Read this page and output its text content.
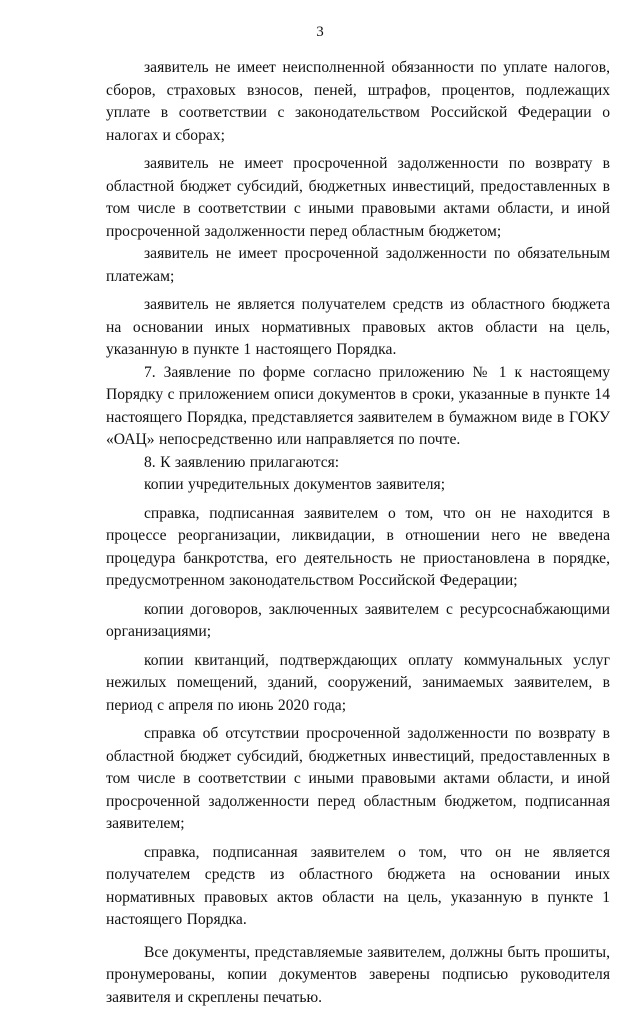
3

заявитель не имеет неисполненной обязанности по уплате налогов, сборов, страховых взносов, пеней, штрафов, процентов, подлежащих уплате в соответствии с законодательством Российской Федерации о налогах и сборах;

заявитель не имеет просроченной задолженности по возврату в областной бюджет субсидий, бюджетных инвестиций, предоставленных в том числе в соответствии с иными правовыми актами области, и иной просроченной задолженности перед областным бюджетом;

заявитель не имеет просроченной задолженности по обязательным платежам;

заявитель не является получателем средств из областного бюджета на основании иных нормативных правовых актов области на цель, указанную в пункте 1 настоящего Порядка.

7. Заявление по форме согласно приложению № 1 к настоящему Порядку с приложением описи документов в сроки, указанные в пункте 14 настоящего Порядка, представляется заявителем в бумажном виде в ГОКУ «ОАЦ» непосредственно или направляется по почте.

8. К заявлению прилагаются:

копии учредительных документов заявителя;

справка, подписанная заявителем о том, что он не находится в процессе реорганизации, ликвидации, в отношении него не введена процедура банкротства, его деятельность не приостановлена в порядке, предусмотренном законодательством Российской Федерации;

копии договоров, заключенных заявителем с ресурсоснабжающими организациями;

копии квитанций, подтверждающих оплату коммунальных услуг нежилых помещений, зданий, сооружений, занимаемых заявителем, в период с апреля по июнь 2020 года;

справка об отсутствии просроченной задолженности по возврату в областной бюджет субсидий, бюджетных инвестиций, предоставленных в том числе в соответствии с иными правовыми актами области, и иной просроченной задолженности перед областным бюджетом, подписанная заявителем;

справка, подписанная заявителем о том, что он не является получателем средств из областного бюджета на основании иных нормативных правовых актов области на цель, указанную в пункте 1 настоящего Порядка.

Все документы, представляемые заявителем, должны быть прошиты, пронумерованы, копии документов заверены подписью руководителя заявителя и скреплены печатью.
